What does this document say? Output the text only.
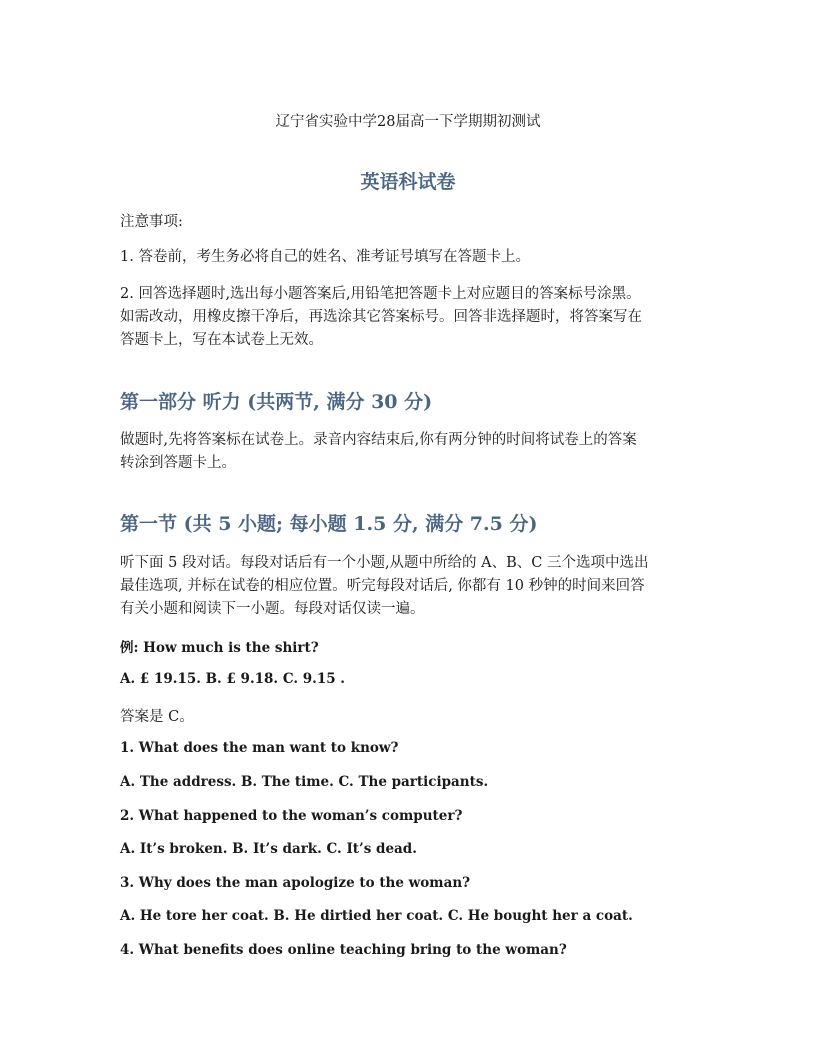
辽宁省实验中学28届高一下学期期初测试
英语科试卷
注意事项:
1. 答卷前，考生务必将自己的姓名、准考证号填写在答题卡上。
2. 回答选择题时,选出每小题答案后,用铅笔把答题卡上对应题目的答案标号涂黑。
如需改动，用橡皮擦干净后，再选涂其它答案标号。回答非选择题时，将答案写在
答题卡上，写在本试卷上无效。
第一部分 听力 (共两节, 满分 30 分)
做题时,先将答案标在试卷上。录音内容结束后,你有两分钟的时间将试卷上的答案
转涂到答题卡上。
第一节 (共 5 小题; 每小题 1.5 分, 满分 7.5 分)
听下面 5 段对话。每段对话后有一个小题,从题中所给的 A、B、C 三个选项中选出
最佳选项, 并标在试卷的相应位置。听完每段对话后, 你都有 10 秒钟的时间来回答
有关小题和阅读下一小题。每段对话仅读一遍。
例: How much is the shirt?
A. £ 19.15. B. £ 9.18. C. 9.15 .
答案是 C。
1. What does the man want to know?
A. The address. B. The time. C. The participants.
2. What happened to the woman’s computer?
A. It’s broken. B. It’s dark. C. It’s dead.
3. Why does the man apologize to the woman?
A. He tore her coat. B. He dirtied her coat. C. He bought her a coat.
4. What benefits does online teaching bring to the woman?
